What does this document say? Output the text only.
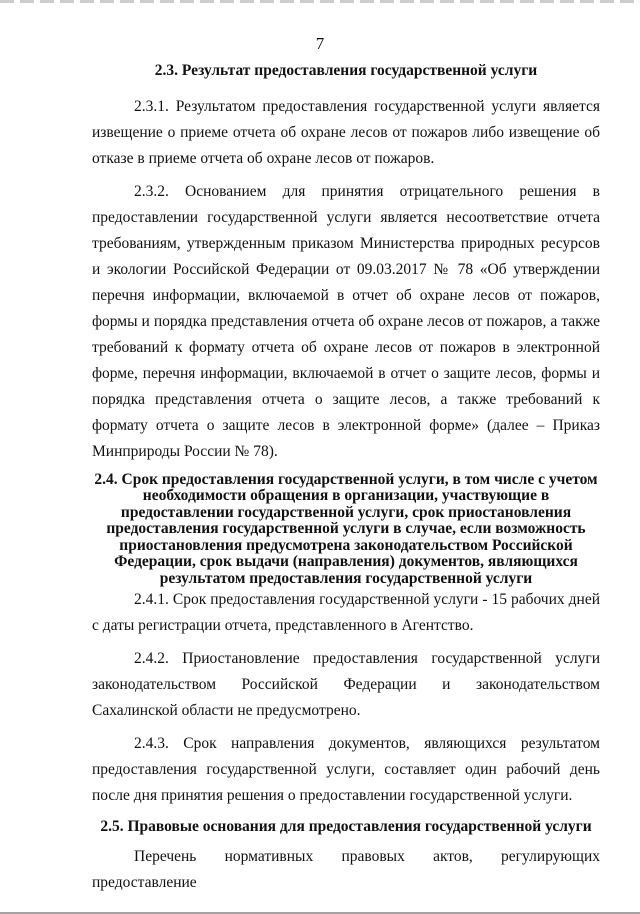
7
2.3. Результат предоставления государственной услуги

2.3.1. Результатом предоставления государственной услуги является извещение о приеме отчета об охране лесов от пожаров либо извещение об отказе в приеме отчета об охране лесов от пожаров.

2.3.2. Основанием для принятия отрицательного решения в предоставлении государственной услуги является несоответствие отчета требованиям, утвержденным приказом Министерства природных ресурсов и экологии Российской Федерации от 09.03.2017 № 78 «Об утверждении перечня информации, включаемой в отчет об охране лесов от пожаров, формы и порядка представления отчета об охране лесов от пожаров, а также требований к формату отчета об охране лесов от пожаров в электронной форме, перечня информации, включаемой в отчет о защите лесов, формы и порядка представления отчета о защите лесов, а также требований к формату отчета о защите лесов в электронной форме» (далее – Приказ Минприроды России № 78).

2.4. Срок предоставления государственной услуги, в том числе с учетом необходимости обращения в организации, участвующие в предоставлении государственной услуги, срок приостановления предоставления государственной услуги в случае, если возможность приостановления предусмотрена законодательством Российской Федерации, срок выдачи (направления) документов, являющихся результатом предоставления государственной услуги

2.4.1. Срок предоставления государственной услуги - 15 рабочих дней с даты регистрации отчета, представленного в Агентство.

2.4.2. Приостановление предоставления государственной услуги законодательством Российской Федерации и законодательством Сахалинской области не предусмотрено.

2.4.3. Срок направления документов, являющихся результатом предоставления государственной услуги, составляет один рабочий день после дня принятия решения о предоставлении государственной услуги.

2.5. Правовые основания для предоставления государственной услуги

Перечень нормативных правовых актов, регулирующих предоставление
